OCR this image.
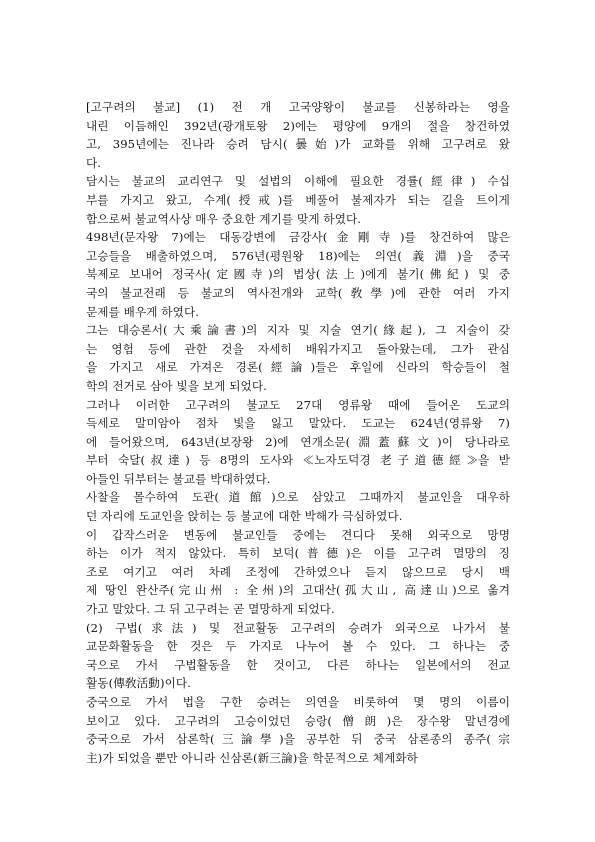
[고구려의 불교] (1) 전 개 고국양왕이 불교를 신봉하라는 영을
내린 이듬해인 392년(광개토왕 2)에는 평양에 9개의 절을 창건하였
고, 395년에는 진나라 승려 담시(曇始)가 교화를 위해 고구려로 왔
다.
담시는 불교의 교리연구 및 설법의 이해에 필요한 경률(經律) 수십
부를 가지고 왔고, 수계(授戒)를 베풀어 불제자가 되는 길을 트이게
함으로써 불교역사상 매우 중요한 계기를 맞게 하였다.
498년(문자왕 7)에는 대동강변에 금강사(金剛寺)를 창건하여 많은
고승들을 배출하였으며, 576년(평원왕 18)에는 의연(義淵)을 중국
북제로 보내어 정국사(定國寺)의 법상(法上)에게 불기(佛紀) 및 중
국의 불교전래 등 불교의 역사전개와 교학(敎學)에 관한 여러 가지
문제를 배우게 하였다.
그는 대승론서(大乘論書)의 지자 및 지술 연기(緣起), 그 지술이 갖
는 영험 등에 관한 것을 자세히 배워가지고 돌아왔는데, 그가 관심
을 가지고 새로 가져온 경론(經論)들은 후일에 신라의 학승들이 철
학의 전거로 삼아 빛을 보게 되었다.
그러나 이러한 고구려의 불교도 27대 영류왕 때에 들어온 도교의
득세로 말미암아 점차 빛을 잃고 말았다. 도교는 624년(영류왕 7)
에 들어왔으며, 643년(보장왕 2)에 연개소문(淵蓋蘇文)이 당나라로
부터 숙달(叔達) 등 8명의 도사와 ≪노자도덕경 老子道德經≫을 받
아들인 뒤부터는 불교를 박대하였다.
사찰을 몰수하여 도관(道館)으로 삼았고 그때까지 불교인을 대우하
던 자리에 도교인을 앉히는 등 불교에 대한 박해가 극심하였다.
이 갑작스러운 변동에 불교인들 중에는 견디다 못해 외국으로 망명
하는 이가 적지 않았다. 특히 보덕(普德)은 이를 고구려 멸망의 징
조로 여기고 여러 차례 조정에 간하였으나 듣지 않으므로 당시 백
제 땅인 완산주(完山州 : 全州)의 고대산(孤大山, 高達山)으로 옮겨
가고 말았다. 그 뒤 고구려는 곧 멸망하게 되었다.
(2) 구법(求法) 및 전교활동 고구려의 승려가 외국으로 나가서 불
교문화활동을 한 것은 두 가지로 나누어 볼 수 있다. 그 하나는 중
국으로 가서 구법활동을 한 것이고, 다른 하나는 일본에서의 전교
활동(傳敎活動)이다.
중국으로 가서 법을 구한 승려는 의연을 비롯하여 몇 명의 이름이
보이고 있다. 고구려의 고승이었던 승랑(僧朗)은 장수왕 말년경에
중국으로 가서 삼론학(三論學)을 공부한 뒤 중국 삼론종의 종주(宗
主)가 되었을 뿐만 아니라 신삼론(新三論)을 학문적으로 체계화하
